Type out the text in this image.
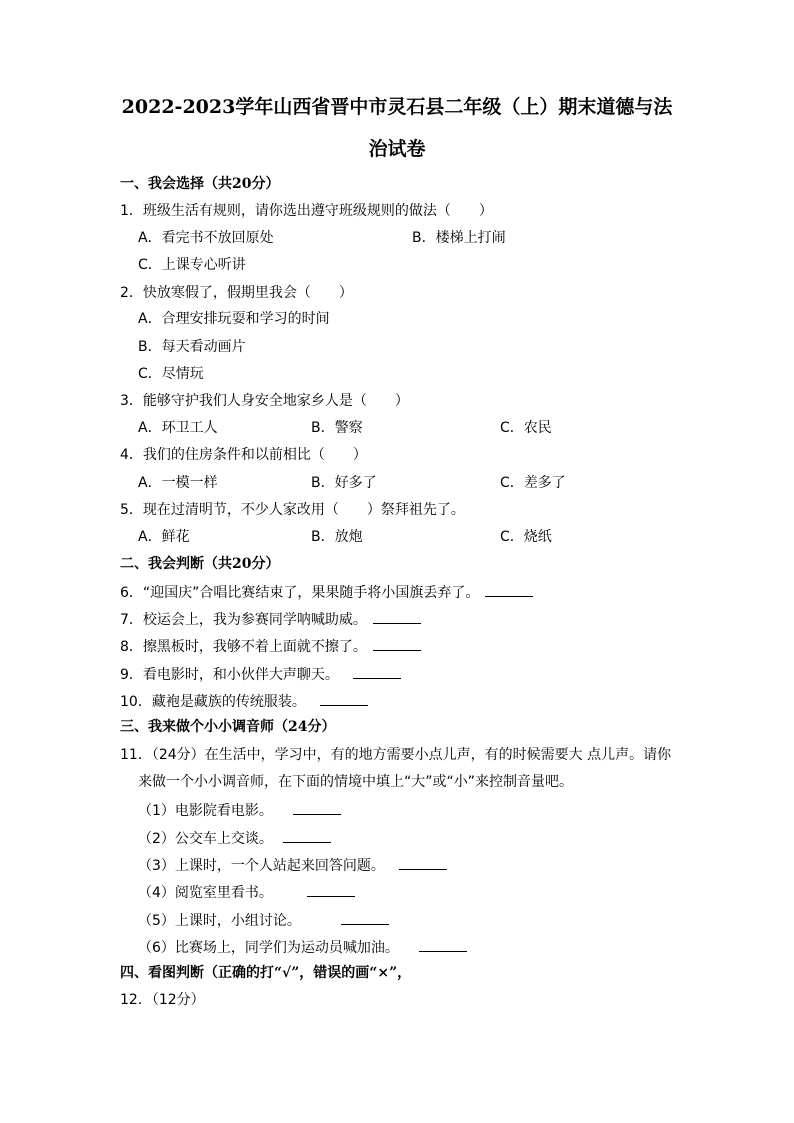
2022-2023学年山西省晋中市灵石县二年级（上）期末道德与法
治试卷
一、我会选择（共20分）
1．班级生活有规则，请你选出遵守班级规则的做法（　　）
A．看完书不放回原处	B．楼梯上打闹
C．上课专心听讲
2．快放寒假了，假期里我会（　　）
A．合理安排玩耍和学习的时间
B．每天看动画片
C．尽情玩
3．能够守护我们人身安全地家乡人是（　　）
A．环卫工人	B．警察	C．农民
4．我们的住房条件和以前相比（　　）
A．一模一样	B．好多了	C．差多了
5．现在过清明节，不少人家改用（　　）祭拜祖先了。
A．鲜花	B．放炮	C．烧纸
二、我会判断（共20分）
6．“迎国庆”合唱比赛结束了，果果随手将小国旗丢弃了。
7．校运会上，我为参赛同学呐喊助威。
8．擦黑板时，我够不着上面就不擦了。
9．看电影时，和小伙伴大声聊天。
10．藏袍是藏族的传统服装。
三、我来做个小小调音师（24分）
11．（24分）在生活中，学习中，有的地方需要小点儿声，有的时候需要大 点儿声。请你
来做一个小小调音师，在下面的情境中填上“大”或“小”来控制音量吧。
（1）电影院看电影。
（2）公交车上交谈。
（3）上课时，一个人站起来回答问题。
（4）阅览室里看书。
（5）上课时，小组讨论。
（6）比赛场上，同学们为运动员喊加油。
四、看图判断（正确的打“√”，错误的画“×”，
12．（12分）
